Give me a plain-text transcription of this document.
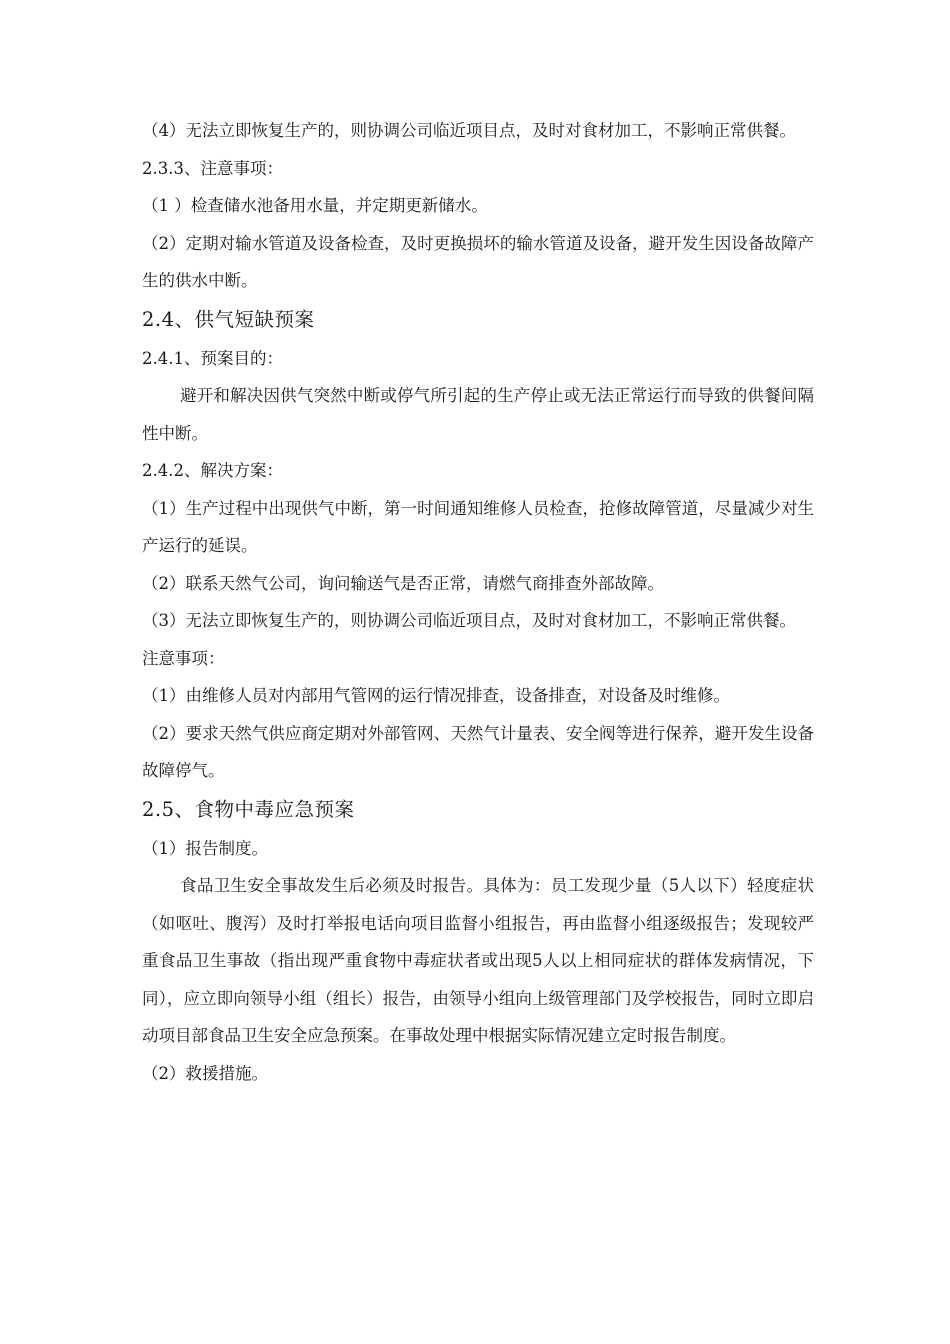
（4）无法立即恢复生产的，则协调公司临近项目点，及时对食材加工，不影响正常供餐。

2.3.3、注意事项：

（1 ）检查储水池备用水量，并定期更新储水。

（2）定期对输水管道及设备检查，及时更换损坏的输水管道及设备，避开发生因设备故障产生的供水中断。

2.4、供气短缺预案

2.4.1、预案目的：

避开和解决因供气突然中断或停气所引起的生产停止或无法正常运行而导致的供餐间隔性中断。

2.4.2、解决方案：

（1）生产过程中出现供气中断，第一时间通知维修人员检查，抢修故障管道，尽量减少对生产运行的延误。

（2）联系天然气公司，询问输送气是否正常，请燃气商排查外部故障。

（3）无法立即恢复生产的，则协调公司临近项目点，及时对食材加工，不影响正常供餐。

注意事项：

（1）由维修人员对内部用气管网的运行情况排查，设备排查，对设备及时维修。

（2）要求天然气供应商定期对外部管网、天然气计量表、安全阀等进行保养，避开发生设备故障停气。

2.5、食物中毒应急预案

（1）报告制度。

食品卫生安全事故发生后必须及时报告。具体为：员工发现少量（5人以下）轻度症状（如呕吐、腹泻）及时打举报电话向项目监督小组报告，再由监督小组逐级报告；发现较严重食品卫生事故（指出现严重食物中毒症状者或出现5人以上相同症状的群体发病情况，下同），应立即向领导小组（组长）报告，由领导小组向上级管理部门及学校报告，同时立即启动项目部食品卫生安全应急预案。在事故处理中根据实际情况建立定时报告制度。

（2）救援措施。
